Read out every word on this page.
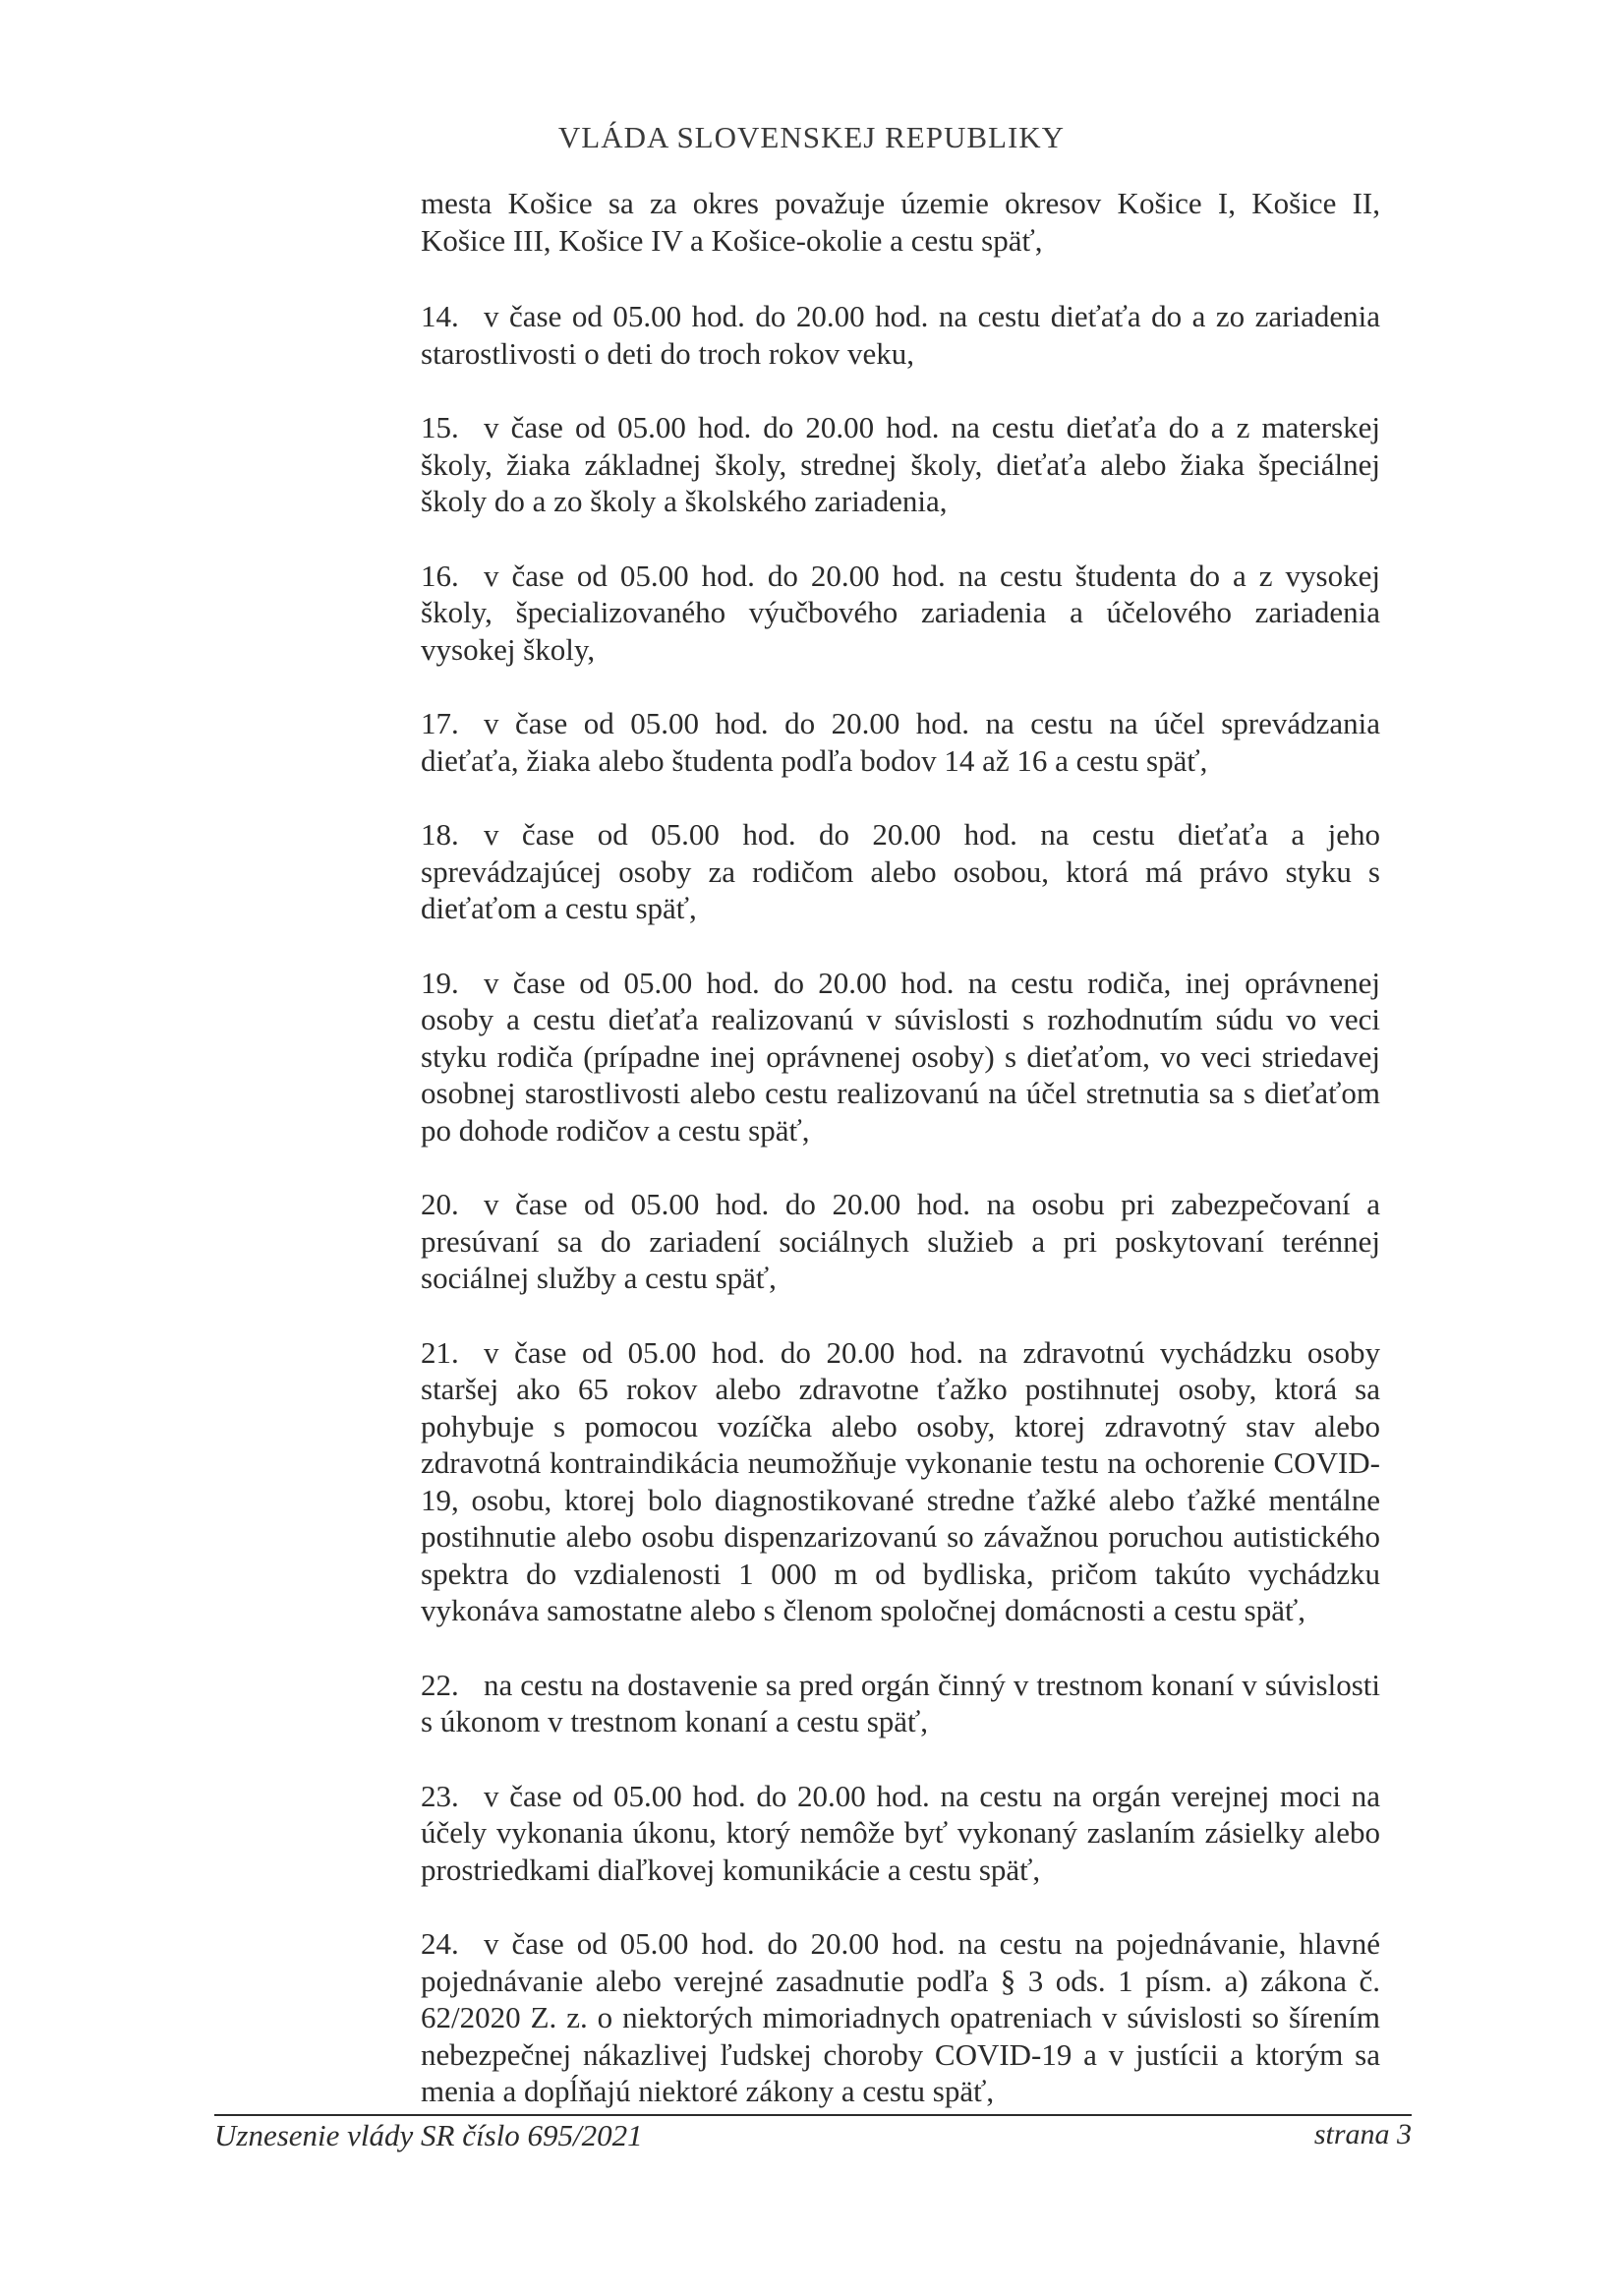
VLÁDA SLOVENSKEJ REPUBLIKY

mesta Košice sa za okres považuje územie okresov Košice I, Košice II, Košice III, Košice IV a Košice-okolie a cestu späť,

14. v čase od 05.00 hod. do 20.00 hod. na cestu dieťaťa do a zo zariadenia starostlivosti o deti do troch rokov veku,

15. v čase od 05.00 hod. do 20.00 hod. na cestu dieťaťa do a z materskej školy, žiaka základnej školy, strednej školy, dieťaťa alebo žiaka špeciálnej školy do a zo školy a školského zariadenia,

16. v čase od 05.00 hod. do 20.00 hod. na cestu študenta do a z vysokej školy, špecializovaného výučbového zariadenia a účelového zariadenia vysokej školy,

17. v čase od 05.00 hod. do 20.00 hod. na cestu na účel sprevádzania dieťaťa, žiaka alebo študenta podľa bodov 14 až 16 a cestu späť,

18. v čase od 05.00 hod. do 20.00 hod. na cestu dieťaťa a jeho sprevádzajúcej osoby za rodičom alebo osobou, ktorá má právo styku s dieťaťom a cestu späť,

19. v čase od 05.00 hod. do 20.00 hod. na cestu rodiča, inej oprávnenej osoby a cestu dieťaťa realizovanú v súvislosti s rozhodnutím súdu vo veci styku rodiča (prípadne inej oprávnenej osoby) s dieťaťom, vo veci striedavej osobnej starostlivosti alebo cestu realizovanú na účel stretnutia sa s dieťaťom po dohode rodičov a cestu späť,

20. v čase od 05.00 hod. do 20.00 hod. na osobu pri zabezpečovaní a presúvaní sa do zariadení sociálnych služieb a pri poskytovaní terénnej sociálnej služby a cestu späť,

21. v čase od 05.00 hod. do 20.00 hod. na zdravotnú vychádzku osoby staršej ako 65 rokov alebo zdravotne ťažko postihnutej osoby, ktorá sa pohybuje s pomocou vozíčka alebo osoby, ktorej zdravotný stav alebo zdravotná kontraindikácia neumožňuje vykonanie testu na ochorenie COVID-19, osobu, ktorej bolo diagnostikované stredne ťažké alebo ťažké mentálne postihnutie alebo osobu dispenzarizovanú so závažnou poruchou autistického spektra do vzdialenosti 1 000 m od bydliska, pričom takúto vychádzku vykonáva samostatne alebo s členom spoločnej domácnosti a cestu späť,

22. na cestu na dostavenie sa pred orgán činný v trestnom konaní v súvislosti s úkonom v trestnom konaní a cestu späť,

23. v čase od 05.00 hod. do 20.00 hod. na cestu na orgán verejnej moci na účely vykonania úkonu, ktorý nemôže byť vykonaný zaslaním zásielky alebo prostriedkami diaľkovej komunikácie a cestu späť,

24. v čase od 05.00 hod. do 20.00 hod. na cestu na pojednávanie, hlavné pojednávanie alebo verejné zasadnutie podľa § 3 ods. 1 písm. a) zákona č. 62/2020 Z. z. o niektorých mimoriadnych opatreniach v súvislosti so šírením nebezpečnej nákazlivej ľudskej choroby COVID-19 a v justícii a ktorým sa menia a dopĺňajú niektoré zákony a cestu späť,

Uznesenie vlády SR číslo 695/2021	strana 3
